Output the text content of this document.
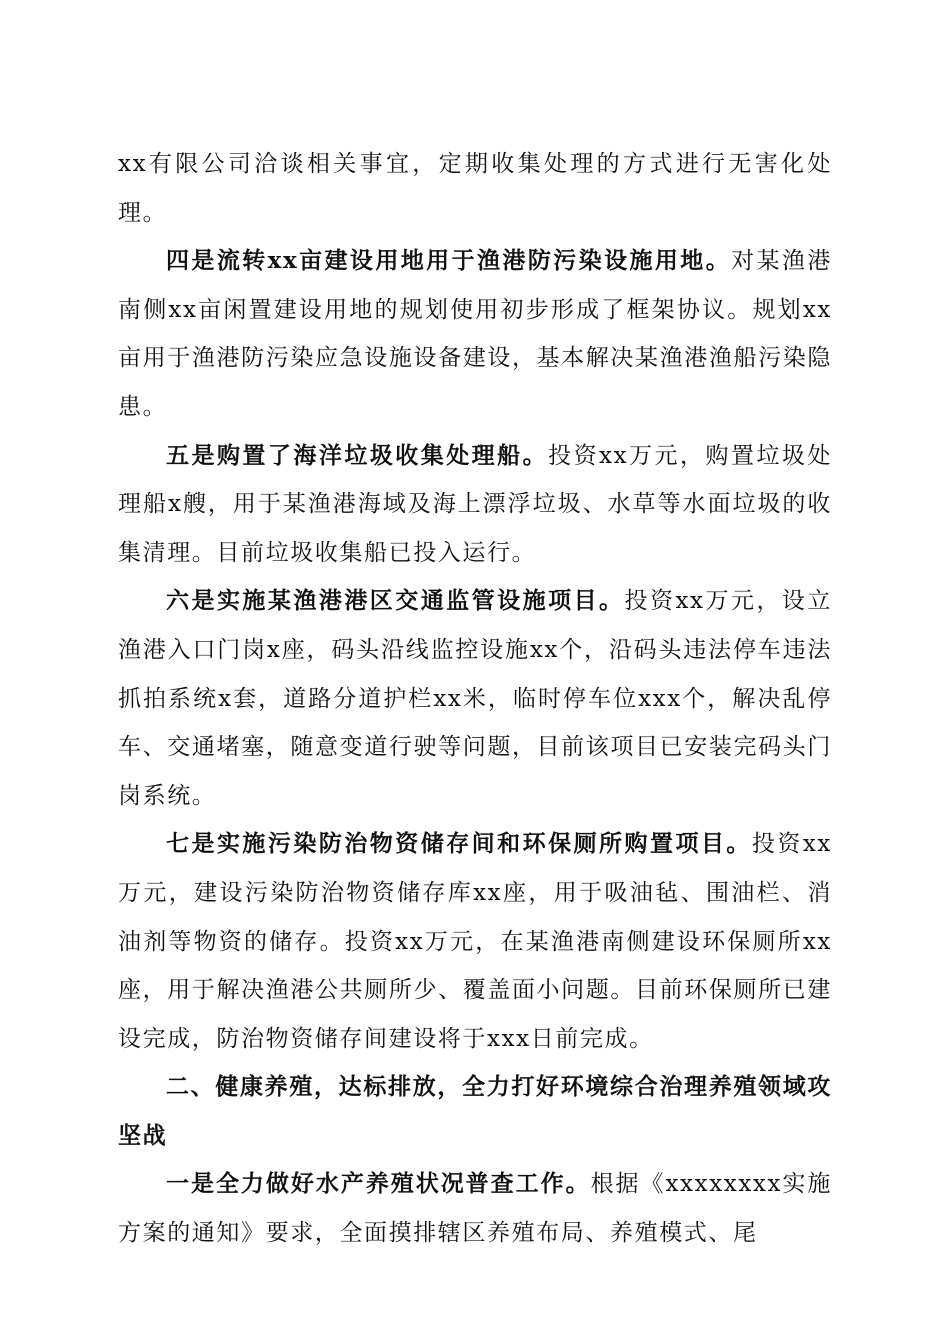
xx有限公司洽谈相关事宜，定期收集处理的方式进行无害化处理。

四是流转xx亩建设用地用于渔港防污染设施用地。对某渔港南侧xx亩闲置建设用地的规划使用初步形成了框架协议。规划xx亩用于渔港防污染应急设施设备建设，基本解决某渔港渔船污染隐患。

五是购置了海洋垃圾收集处理船。投资xx万元，购置垃圾处理船x艘，用于某渔港海域及海上漂浮垃圾、水草等水面垃圾的收集清理。目前垃圾收集船已投入运行。

六是实施某渔港港区交通监管设施项目。投资xx万元，设立渔港入口门岗x座，码头沿线监控设施xx个，沿码头违法停车违法抓拍系统x套，道路分道护栏xx米，临时停车位xxx个，解决乱停车、交通堵塞，随意变道行驶等问题，目前该项目已安装完码头门岗系统。

七是实施污染防治物资储存间和环保厕所购置项目。投资xx万元，建设污染防治物资储存库xx座，用于吸油毡、围油栏、消油剂等物资的储存。投资xx万元，在某渔港南侧建设环保厕所xx座，用于解决渔港公共厕所少、覆盖面小问题。目前环保厕所已建设完成，防治物资储存间建设将于xxx日前完成。

二、健康养殖，达标排放，全力打好环境综合治理养殖领域攻坚战

一是全力做好水产养殖状况普查工作。根据《xxxxxxxx实施方案的通知》要求，全面摸排辖区养殖布局、养殖模式、尾
